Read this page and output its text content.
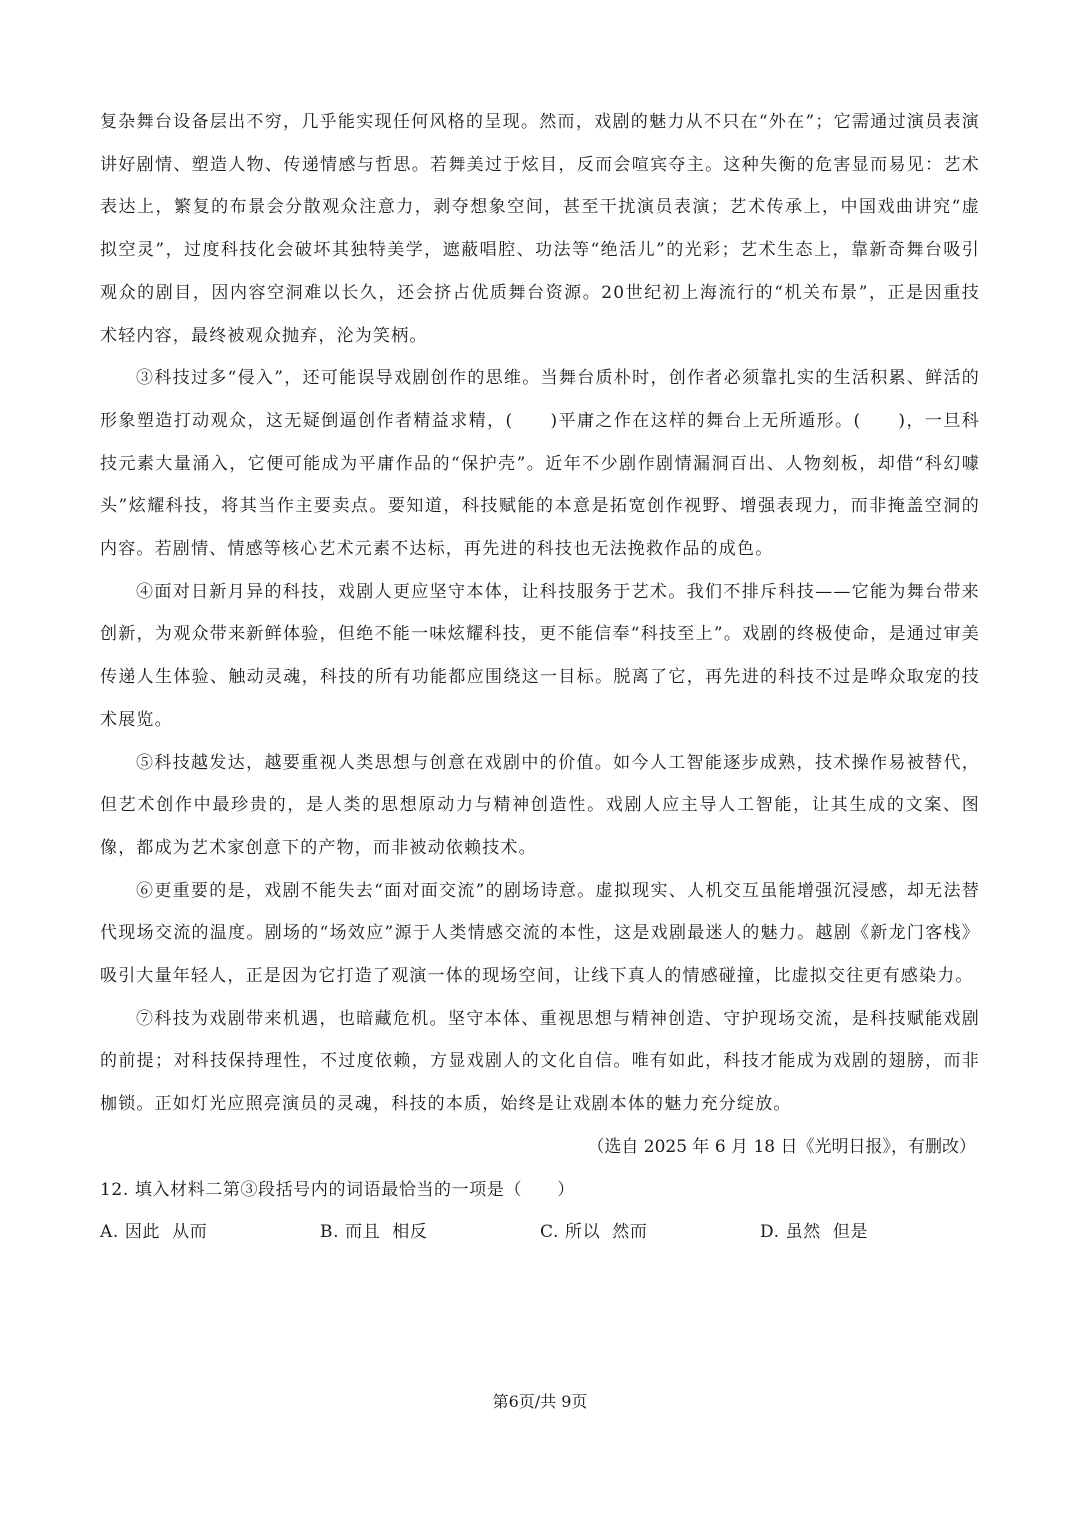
复杂舞台设备层出不穷，几乎能实现任何风格的呈现。然而，戏剧的魅力从不只在“外在”；它需通过演员表演讲好剧情、塑造人物、传递情感与哲思。若舞美过于炫目，反而会喧宾夺主。这种失衡的危害显而易见：艺术表达上，繁复的布景会分散观众注意力，剥夺想象空间，甚至干扰演员表演；艺术传承上，中国戏曲讲究“虚拟空灵”，过度科技化会破坏其独特美学，遮蔽唱腔、功法等“绝活儿”的光彩；艺术生态上，靠新奇舞台吸引观众的剧目，因内容空洞难以长久，还会挤占优质舞台资源。20世纪初上海流行的“机关布景”，正是因重技术轻内容，最终被观众抛弃，沦为笑柄。

③科技过多“侵入”，还可能误导戏剧创作的思维。当舞台质朴时，创作者必须靠扎实的生活积累、鲜活的形象塑造打动观众，这无疑倒逼创作者精益求精，(　　)平庸之作在这样的舞台上无所遁形。(　　)，一旦科技元素大量涌入，它便可能成为平庸作品的“保护壳”。近年不少剧作剧情漏洞百出、人物刻板，却借“科幻噱头”炫耀科技，将其当作主要卖点。要知道，科技赋能的本意是拓宽创作视野、增强表现力，而非掩盖空洞的内容。若剧情、情感等核心艺术元素不达标，再先进的科技也无法挽救作品的成色。

④面对日新月异的科技，戏剧人更应坚守本体，让科技服务于艺术。我们不排斥科技——它能为舞台带来创新，为观众带来新鲜体验，但绝不能一味炫耀科技，更不能信奉“科技至上”。戏剧的终极使命，是通过审美传递人生体验、触动灵魂，科技的所有功能都应围绕这一目标。脱离了它，再先进的科技不过是哗众取宠的技术展览。

⑤科技越发达，越要重视人类思想与创意在戏剧中的价值。如今人工智能逐步成熟，技术操作易被替代，但艺术创作中最珍贵的，是人类的思想原动力与精神创造性。戏剧人应主导人工智能，让其生成的文案、图像，都成为艺术家创意下的产物，而非被动依赖技术。

⑥更重要的是，戏剧不能失去“面对面交流”的剧场诗意。虚拟现实、人机交互虽能增强沉浸感，却无法替代现场交流的温度。剧场的“场效应”源于人类情感交流的本性，这是戏剧最迷人的魅力。越剧《新龙门客栈》吸引大量年轻人，正是因为它打造了观演一体的现场空间，让线下真人的情感碰撞，比虚拟交往更有感染力。

⑦科技为戏剧带来机遇，也暗藏危机。坚守本体、重视思想与精神创造、守护现场交流，是科技赋能戏剧的前提；对科技保持理性，不过度依赖，方显戏剧人的文化自信。唯有如此，科技才能成为戏剧的翅膀，而非枷锁。正如灯光应照亮演员的灵魂，科技的本质，始终是让戏剧本体的魅力充分绽放。

（选自 2025 年 6 月 18 日《光明日报》，有删改）

12. 填入材料二第③段括号内的词语最恰当的一项是（　　）

A. 因此  从而	B. 而且  相反	C. 所以  然而	D. 虽然  但是
第6页/共 9页
